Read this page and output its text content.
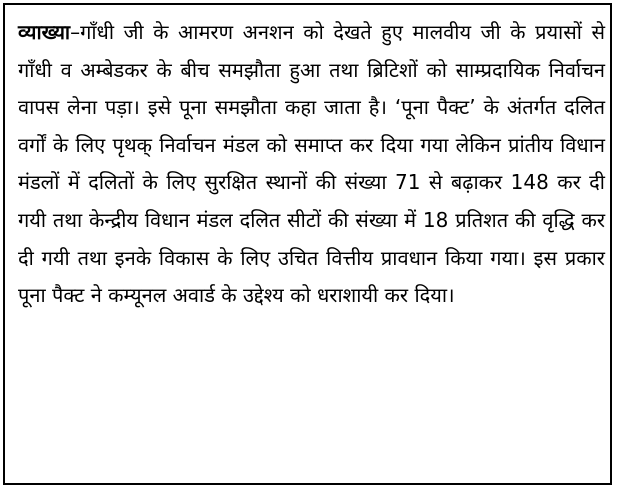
व्याख्या–गाँधी जी के आमरण अनशन को देखते हुए मालवीय जी के प्रयासों से गाँधी व अम्बेडकर के बीच समझौता हुआ तथा ब्रिटिशों को साम्प्रदायिक निर्वाचन वापस लेना पड़ा। इसे पूना समझौता कहा जाता है। ‘पूना पैक्ट’ के अंतर्गत दलित वर्गों के लिए पृथक् निर्वाचन मंडल को समाप्त कर दिया गया लेकिन प्रांतीय विधान मंडलों में दलितों के लिए सुरक्षित स्थानों की संख्या 71 से बढ़ाकर 148 कर दी गयी तथा केन्द्रीय विधान मंडल दलित सीटों की संख्या में 18 प्रतिशत की वृद्धि कर दी गयी तथा इनके विकास के लिए उचित वित्तीय प्रावधान किया गया। इस प्रकार पूना पैक्ट ने कम्यूनल अवार्ड के उद्देश्य को धराशायी कर दिया।
